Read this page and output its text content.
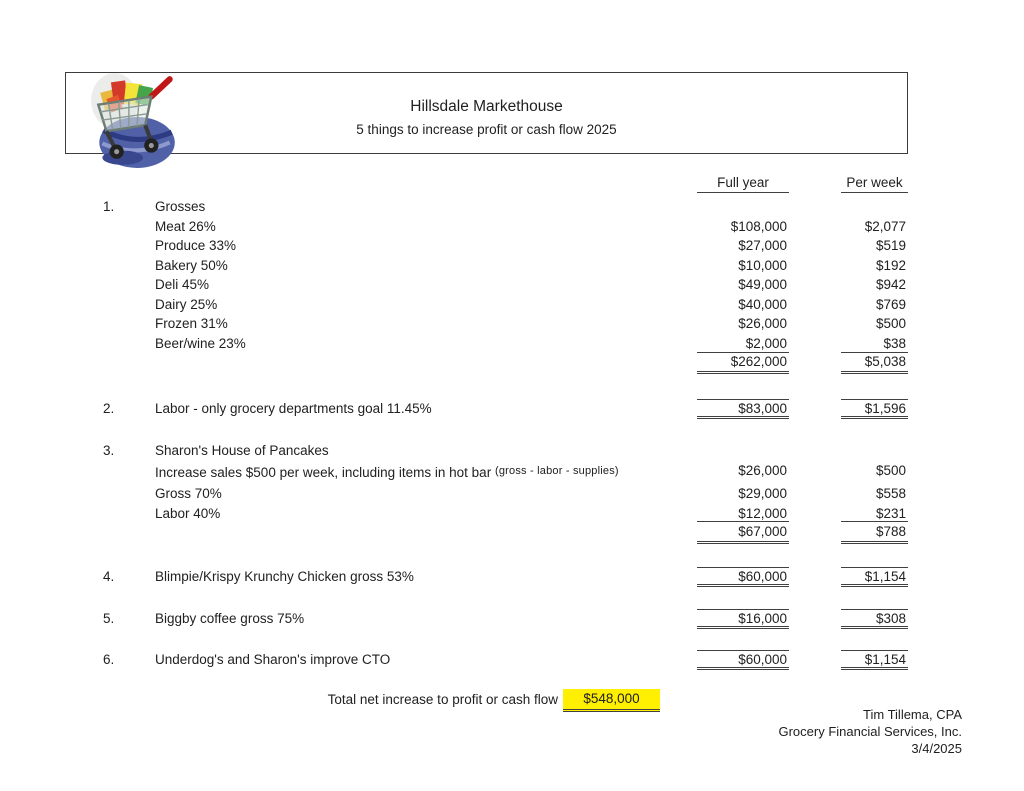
Hillsdale Markethouse
5 things to increase profit or cash flow 2025
Full year	Per week
1.	Grosses
Meat 26%	$108,000	$2,077
Produce 33%	$27,000	$519
Bakery 50%	$10,000	$192
Deli 45%	$49,000	$942
Dairy 25%	$40,000	$769
Frozen 31%	$26,000	$500
Beer/wine 23%	$2,000	$38
$262,000	$5,038
2.	Labor - only grocery departments goal 11.45%	$83,000	$1,596
3.	Sharon's House of Pancakes
Increase sales $500 per week, including items in hot bar $^{(gross - labor - supplies)}$	$26,000	$500
Gross 70%	$29,000	$558
Labor 40%	$12,000	$231
$67,000	$788
4.	Blimpie/Krispy Krunchy Chicken gross 53%	$60,000	$1,154
5.	Biggby coffee gross 75%	$16,000	$308
6.	Underdog's and Sharon's improve CTO	$60,000	$1,154
Total net increase to profit or cash flow	$548,000
Tim Tillema, CPA
Grocery Financial Services, Inc.
3/4/2025
